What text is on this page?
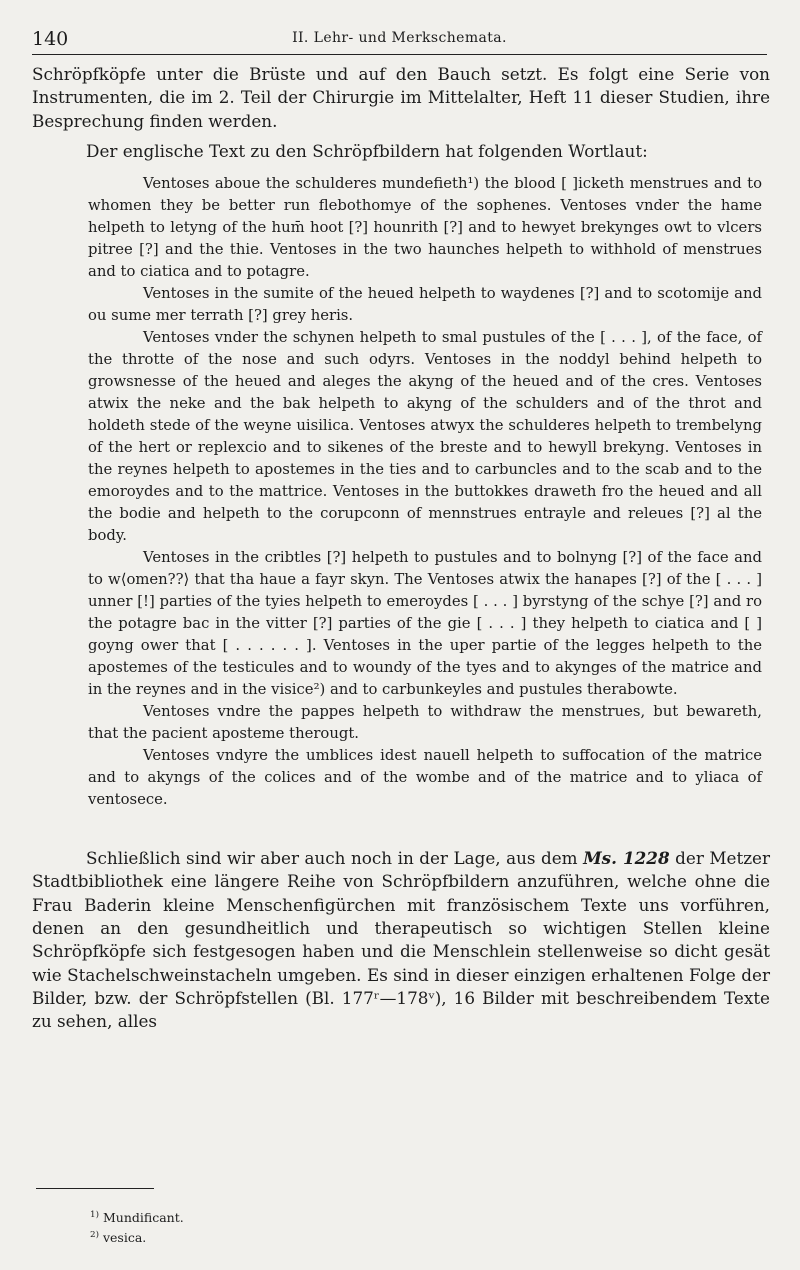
140	II. Lehr- und Merkschemata.

Schröpfköpfe unter die Brüste und auf den Bauch setzt. Es folgt eine Serie von Instrumenten, die im 2. Teil der Chirurgie im Mittelalter, Heft 11 dieser Studien, ihre Besprechung finden werden.

Der englische Text zu den Schröpfbildern hat folgenden Wortlaut:

Ventoses aboue the schulderes mundefieth¹) the blood [ ]icketh menstrues and to whomen they be better run flebothomye of the sophenes. Ventoses vnder the hame helpeth to letyng of the hum̄ hoot [?] hounrith [?] and to hewyet brekynges owt to vlcers pitree [?] and the thie. Ventoses in the two haunches helpeth to withhold of menstrues and to ciatica and to potagre.

Ventoses in the sumite of the heued helpeth to waydenes [?] and to scotomije and ou sume mer terrath [?] grey heris.

Ventoses vnder the schynen helpeth to smal pustules of the [ . . . ], of the face, of the throtte of the nose and such odyrs. Ventoses in the noddyl behind helpeth to growsnesse of the heued and aleges the akyng of the heued and of the cres. Ventoses atwix the neke and the bak helpeth to akyng of the schulders and of the throt and holdeth stede of the weyne uisilica. Ventoses atwyx the schulderes helpeth to trembelyng of the hert or replexcio and to sikenes of the breste and to hewyll brekyng. Ventoses in the reynes helpeth to apostemes in the ties and to carbuncles and to the scab and to the emoroydes and to the mattrice. Ventoses in the buttokkes draweth fro the heued and all the bodie and helpeth to the corupconn of mennstrues entrayle and releues [?] al the body.

Ventoses in the cribtles [?] helpeth to pustules and to bolnyng [?] of the face and to w⟨omen??⟩ that tha haue a fayr skyn. The Ventoses atwix the hanapes [?] of the [ . . . ] unner [!] parties of the tyies helpeth to emeroydes [ . . . ] byrstyng of the schye [?] and ro the potagre bac in the vitter [?] parties of the gie [ . . . ] they helpeth to ciatica and [ ] goyng ower that [ . . . . . . ]. Ventoses in the uper partie of the legges helpeth to the apostemes of the testicules and to woundy of the tyes and to akynges of the matrice and in the reynes and in the visice²) and to carbunkeyles and pustules therabowte.

Ventoses vndre the pappes helpeth to withdraw the menstrues, but bewareth, that the pacient aposteme therougt.

Ventoses vndyre the umblices idest nauell helpeth to suffocation of the matrice and to akyngs of the colices and of the wombe and of the matrice and to yliaca of ventosece.

Schließlich sind wir aber auch noch in der Lage, aus dem Ms. 1228 der Metzer Stadtbibliothek eine längere Reihe von Schröpfbildern anzuführen, welche ohne die Frau Baderin kleine Menschenfigürchen mit französischem Texte uns vorführen, denen an den gesundheitlich und therapeutisch so wichtigen Stellen kleine Schröpfköpfe sich festgesogen haben und die Menschlein stellenweise so dicht gesät wie Stachelschweinstacheln umgeben. Es sind in dieser einzigen erhaltenen Folge der Bilder, bzw. der Schröpfstellen (Bl. 177ʳ—178ᵛ), 16 Bilder mit beschreibendem Texte zu sehen, alles

$^{1)}$ Mundificant.
$^{2)}$ vesica.
